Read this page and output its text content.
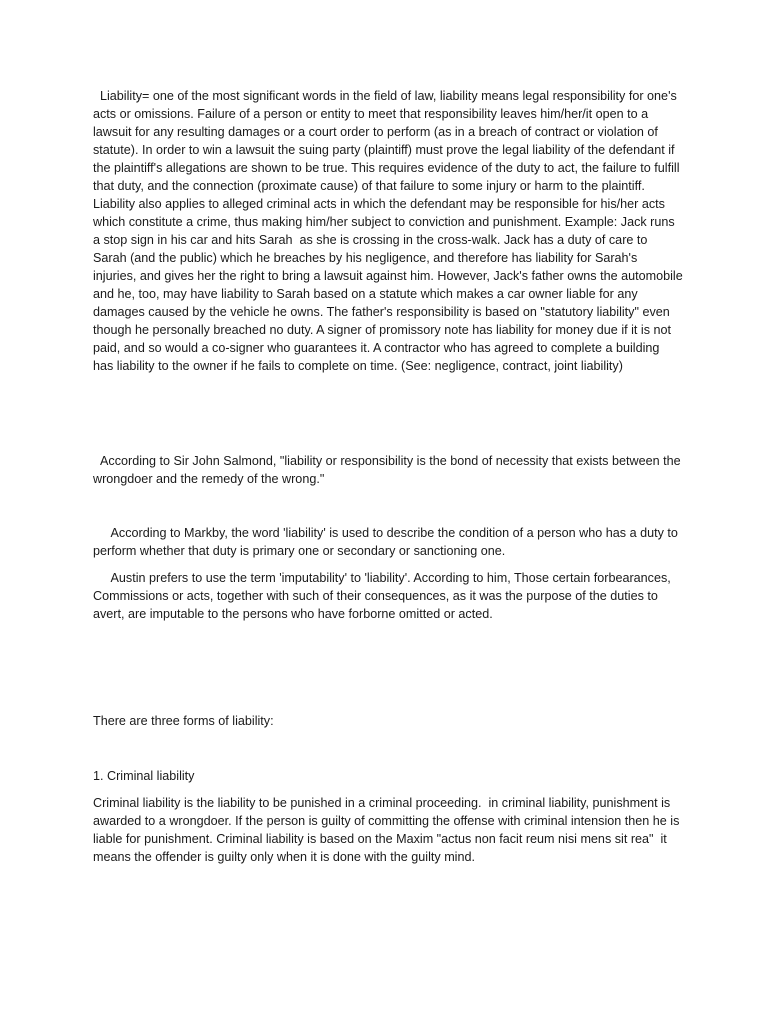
Liability= one of the most significant words in the field of law, liability means legal responsibility for one's acts or omissions. Failure of a person or entity to meet that responsibility leaves him/her/it open to a lawsuit for any resulting damages or a court order to perform (as in a breach of contract or violation of statute). In order to win a lawsuit the suing party (plaintiff) must prove the legal liability of the defendant if the plaintiff's allegations are shown to be true. This requires evidence of the duty to act, the failure to fulfill that duty, and the connection (proximate cause) of that failure to some injury or harm to the plaintiff. Liability also applies to alleged criminal acts in which the defendant may be responsible for his/her acts which constitute a crime, thus making him/her subject to conviction and punishment. Example: Jack runs a stop sign in his car and hits Sarah  as she is crossing in the cross-walk. Jack has a duty of care to Sarah (and the public) which he breaches by his negligence, and therefore has liability for Sarah's injuries, and gives her the right to bring a lawsuit against him. However, Jack's father owns the automobile and he, too, may have liability to Sarah based on a statute which makes a car owner liable for any damages caused by the vehicle he owns. The father's responsibility is based on "statutory liability" even though he personally breached no duty. A signer of promissory note has liability for money due if it is not paid, and so would a co-signer who guarantees it. A contractor who has agreed to complete a building has liability to the owner if he fails to complete on time. (See: negligence, contract, joint liability)

According to Sir John Salmond, "liability or responsibility is the bond of necessity that exists between the wrongdoer and the remedy of the wrong."

According to Markby, the word 'liability' is used to describe the condition of a person who has a duty to perform whether that duty is primary one or secondary or sanctioning one.

Austin prefers to use the term 'imputability' to 'liability'. According to him, Those certain forbearances, Commissions or acts, together with such of their consequences, as it was the purpose of the duties to avert, are imputable to the persons who have forborne omitted or acted.

There are three forms of liability:

1. Criminal liability

Criminal liability is the liability to be punished in a criminal proceeding.  in criminal liability, punishment is awarded to a wrongdoer. If the person is guilty of committing the offense with criminal intension then he is liable for punishment. Criminal liability is based on the Maxim "actus non facit reum nisi mens sit rea"  it means the offender is guilty only when it is done with the guilty mind.
